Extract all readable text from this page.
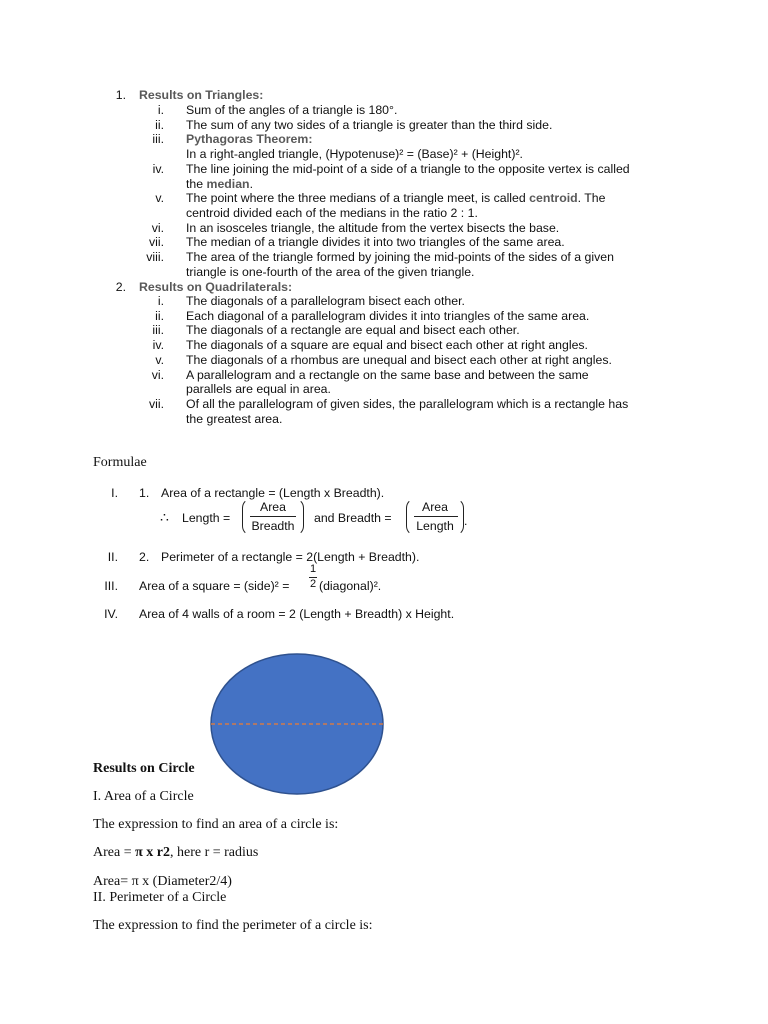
1. Results on Triangles:
i. Sum of the angles of a triangle is 180°.
ii. The sum of any two sides of a triangle is greater than the third side.
iii. Pythagoras Theorem:
In a right-angled triangle, (Hypotenuse)² = (Base)² + (Height)².
iv. The line joining the mid-point of a side of a triangle to the opposite vertex is called
the median.
v. The point where the three medians of a triangle meet, is called centroid. The
centroid divided each of the medians in the ratio 2 : 1.
vi. In an isosceles triangle, the altitude from the vertex bisects the base.
vii. The median of a triangle divides it into two triangles of the same area.
viii. The area of the triangle formed by joining the mid-points of the sides of a given
triangle is one-fourth of the area of the given triangle.
2. Results on Quadrilaterals:
i. The diagonals of a parallelogram bisect each other.
ii. Each diagonal of a parallelogram divides it into triangles of the same area.
iii. The diagonals of a rectangle are equal and bisect each other.
iv. The diagonals of a square are equal and bisect each other at right angles.
v. The diagonals of a rhombus are unequal and bisect each other at right angles.
vi. A parallelogram and a rectangle on the same base and between the same
parallels are equal in area.
vii. Of all the parallelogram of given sides, the parallelogram which is a rectangle has
the greatest area.
Formulae
I. 1. Area of a rectangle = (Length x Breadth).
∴ Length =
Area
Breadth
and Breadth =
Area
Length .
II. 2. Perimeter of a rectangle = 2(Length + Breadth).
III. Area of a square = (side)² =
1
2 (diagonal)².
IV. Area of 4 walls of a room = 2 (Length + Breadth) x Height.
Results on Circle
I. Area of a Circle
The expression to find an area of a circle is:
Area = π x r2, here r = radius
Area= π x (Diameter2/4)
II. Perimeter of a Circle
The expression to find the perimeter of a circle is:
